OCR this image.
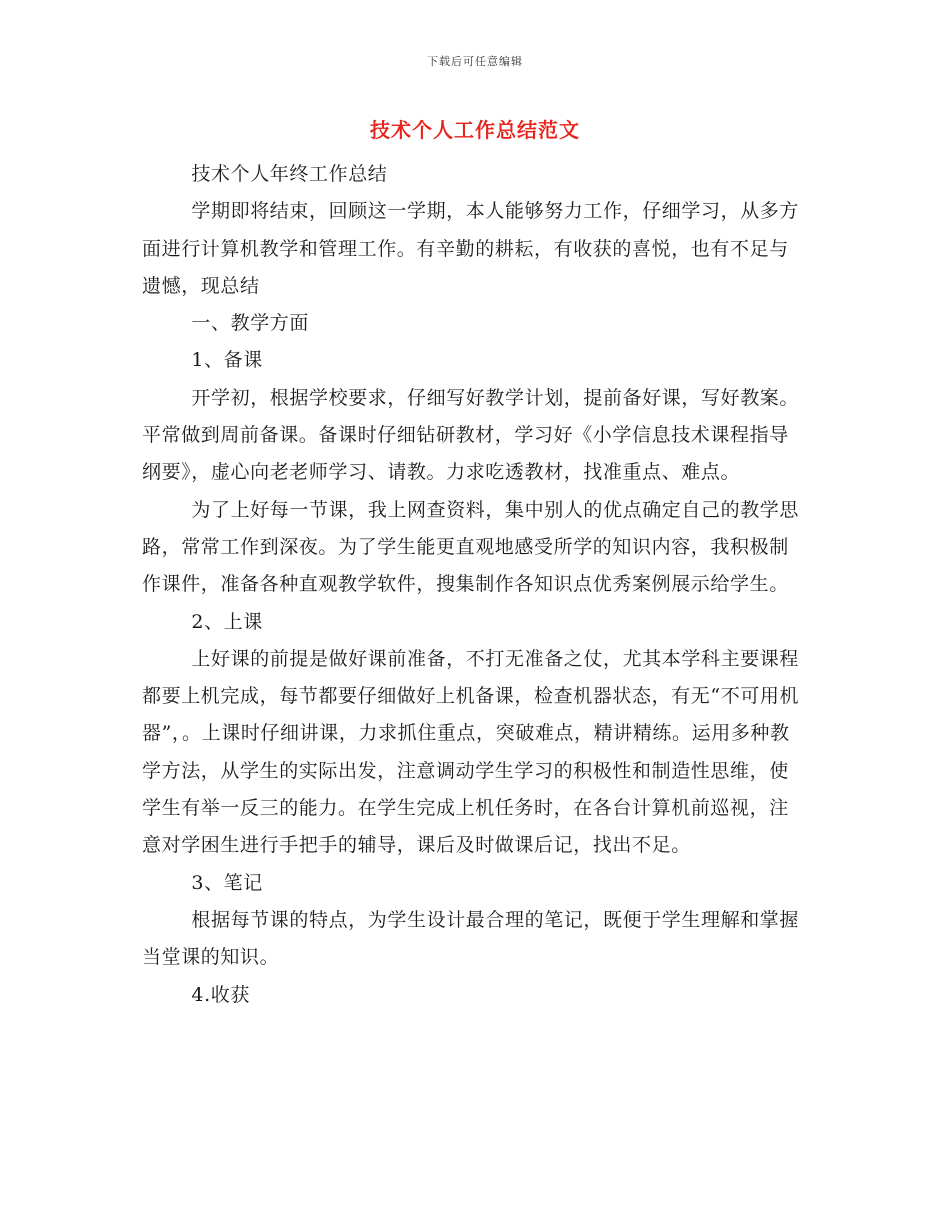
下载后可任意编辑
技术个人工作总结范文

技术个人年终工作总结

学期即将结束，回顾这一学期，本人能够努力工作，仔细学习，从多方面进行计算机教学和管理工作。有辛勤的耕耘，有收获的喜悦，也有不足与遗憾，现总结

一、教学方面

1、备课

开学初，根据学校要求，仔细写好教学计划，提前备好课，写好教案。平常做到周前备课。备课时仔细钻研教材，学习好《小学信息技术课程指导纲要》，虚心向老老师学习、请教。力求吃透教材，找准重点、难点。

为了上好每一节课，我上网查资料，集中别人的优点确定自己的教学思路，常常工作到深夜。为了学生能更直观地感受所学的知识内容，我积极制作课件，准备各种直观教学软件，搜集制作各知识点优秀案例展示给学生。

2、上课

上好课的前提是做好课前准备，不打无准备之仗，尤其本学科主要课程都要上机完成，每节都要仔细做好上机备课，检查机器状态，有无“不可用机器”，。上课时仔细讲课，力求抓住重点，突破难点，精讲精练。运用多种教学方法，从学生的实际出发，注意调动学生学习的积极性和制造性思维，使学生有举一反三的能力。在学生完成上机任务时，在各台计算机前巡视，注意对学困生进行手把手的辅导，课后及时做课后记，找出不足。

3、笔记

根据每节课的特点，为学生设计最合理的笔记，既便于学生理解和掌握当堂课的知识。

4.收获
